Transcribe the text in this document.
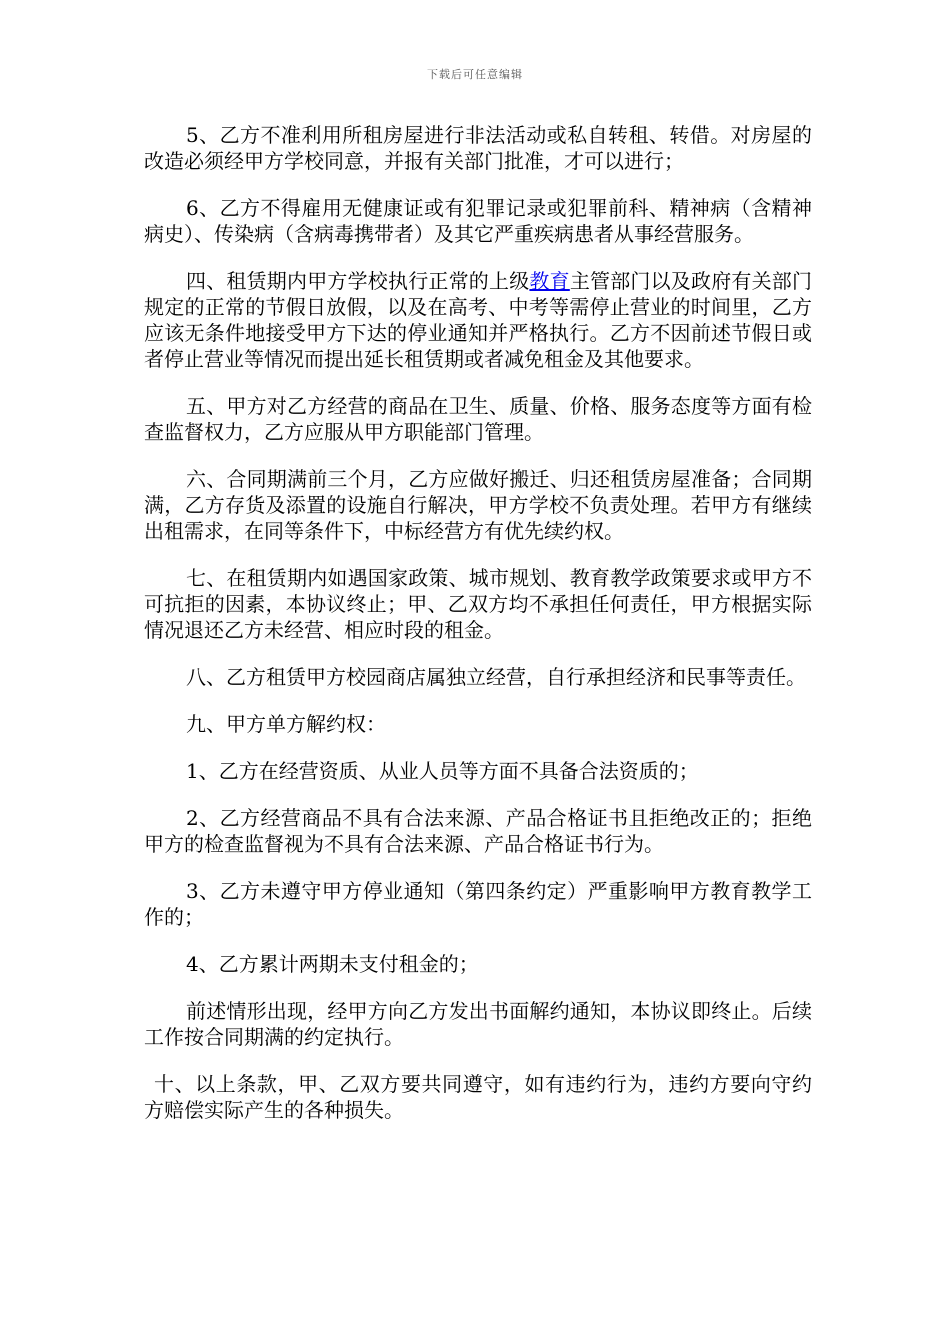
下载后可任意编辑

5、乙方不准利用所租房屋进行非法活动或私自转租、转借。对房屋的改造必须经甲方学校同意，并报有关部门批准，才可以进行；

6、乙方不得雇用无健康证或有犯罪记录或犯罪前科、精神病（含精神病史）、传染病（含病毒携带者）及其它严重疾病患者从事经营服务。

四、租赁期内甲方学校执行正常的上级教育主管部门以及政府有关部门规定的正常的节假日放假，以及在高考、中考等需停止营业的时间里，乙方应该无条件地接受甲方下达的停业通知并严格执行。乙方不因前述节假日或者停止营业等情况而提出延长租赁期或者减免租金及其他要求。

五、甲方对乙方经营的商品在卫生、质量、价格、服务态度等方面有检查监督权力，乙方应服从甲方职能部门管理。

六、合同期满前三个月，乙方应做好搬迁、归还租赁房屋准备；合同期满，乙方存货及添置的设施自行解决，甲方学校不负责处理。若甲方有继续出租需求，在同等条件下，中标经营方有优先续约权。

七、在租赁期内如遇国家政策、城市规划、教育教学政策要求或甲方不可抗拒的因素，本协议终止；甲、乙双方均不承担任何责任，甲方根据实际情况退还乙方未经营、相应时段的租金。

八、乙方租赁甲方校园商店属独立经营，自行承担经济和民事等责任。

九、甲方单方解约权：

1、乙方在经营资质、从业人员等方面不具备合法资质的；

2、乙方经营商品不具有合法来源、产品合格证书且拒绝改正的；拒绝甲方的检查监督视为不具有合法来源、产品合格证书行为。

3、乙方未遵守甲方停业通知（第四条约定）严重影响甲方教育教学工作的；

4、乙方累计两期未支付租金的；

前述情形出现，经甲方向乙方发出书面解约通知，本协议即终止。后续工作按合同期满的约定执行。

十、以上条款，甲、乙双方要共同遵守，如有违约行为，违约方要向守约方赔偿实际产生的各种损失。
